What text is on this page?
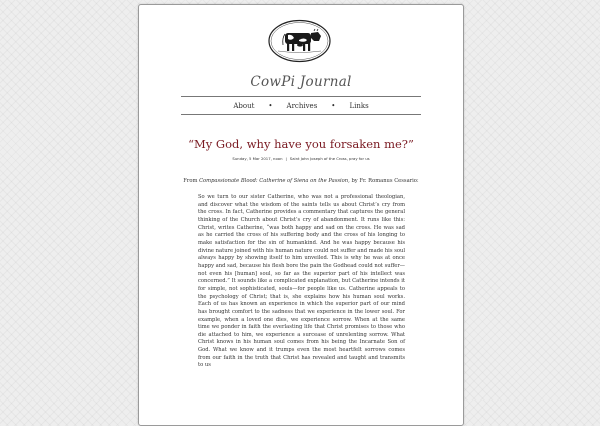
CowPi Journal
About • Archives • Links
“My God, why have you forsaken me?”
Sunday, 5 Mar 2017, noon | Saint John Joseph of the Cross, pray for us
From Compassionate Blood: Catherine of Siena on the Passion, by Fr. Romanus Cessario:
So we turn to our sister Catherine, who was not a professional theologian, and discover what the wisdom of the saints tells us about Christ’s cry from the cross. In fact, Catherine provides a commentary that captures the general thinking of the Church about Christ’s cry of abandonment. It runs like this: Christ, writes Catherine, “was both happy and sad on the cross. He was sad as he carried the cross of his suffering body and the cross of his longing to make satisfaction for the sin of humankind. And he was happy because his divine nature joined with his human nature could not suffer and made his soul always happy by showing itself to him unveiled. This is why he was at once happy and sad, because his flesh bore the pain the Godhead could not suffer—not even his [human] soul, so far as the superior part of his intellect was concerned.” It sounds like a complicated explanation, but Catherine intends it for simple, not sophisticated, souls—for people like us. Catherine appeals to the psychology of Christ; that is, she explains how his human soul works. Each of us has known an experience in which the superior part of our mind has brought comfort to the sadness that we experience in the lower soul. For example, when a loved one dies, we experience sorrow. When at the same time we ponder in faith the everlasting life that Christ promises to those who die attached to him, we experience a surcease of unrelenting sorrow. What Christ knows in his human soul comes from his being the Incarnate Son of God. What we know and it trumps even the most heartfelt sorrows comes from our faith in the truth that Christ has revealed and taught and transmits to us
